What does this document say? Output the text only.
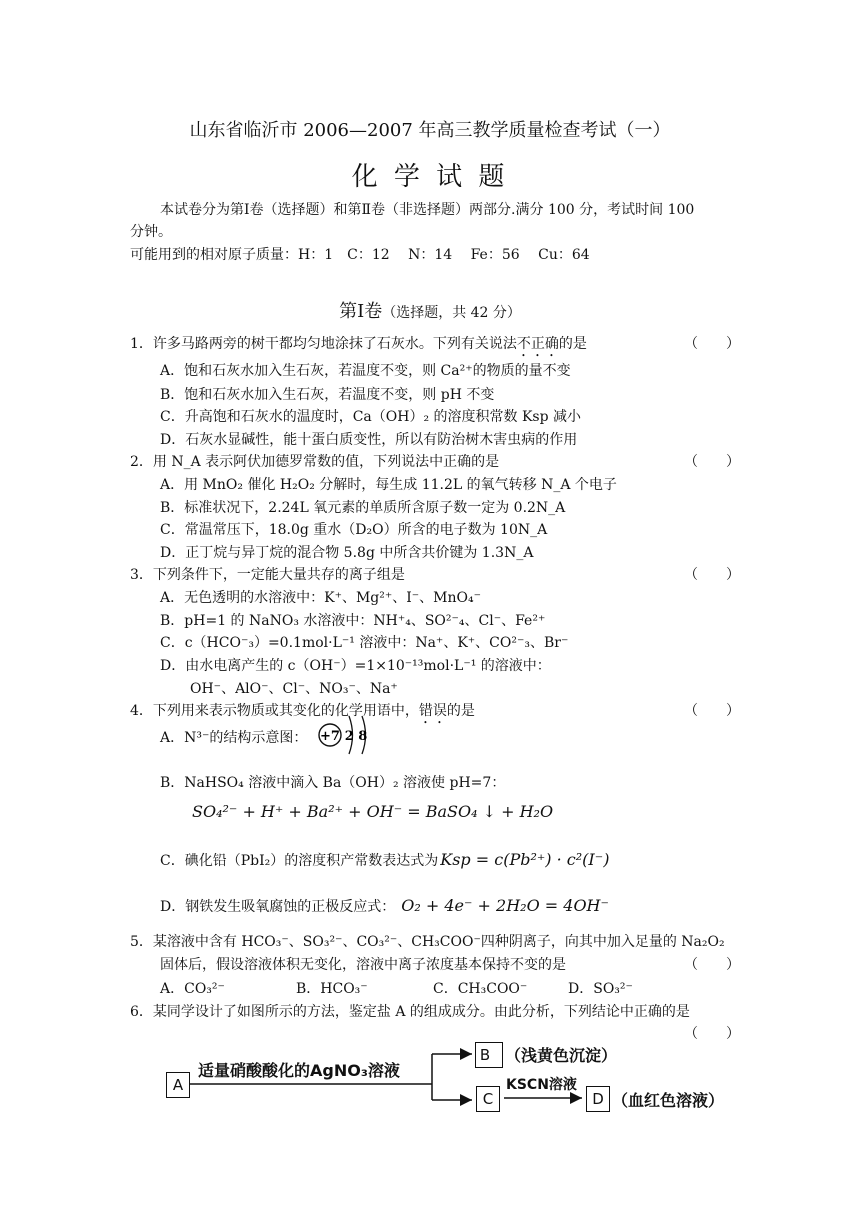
山东省临沂市 2006—2007 年高三教学质量检查考试（一）
化 学 试 题
本试卷分为第Ⅰ卷（选择题）和第Ⅱ卷（非选择题）两部分.满分 100 分，考试时间 100
分钟。
可能用到的相对原子质量：H：1　C：12　 N：14　 Fe：56　 Cu：64
第Ⅰ卷（选择题，共 42 分）
1．许多马路两旁的树干都均匀地涂抹了石灰水。下列有关说法不正确的是	（　　）
A．饱和石灰水加入生石灰，若温度不变，则 Ca²⁺的物质的量不变
B．饱和石灰水加入生石灰，若温度不变，则 pH 不变
C．升高饱和石灰水的温度时，Ca（OH）₂ 的溶度积常数 Ksp 减小
D．石灰水显碱性，能十蛋白质变性，所以有防治树木害虫病的作用
2．用 N_A 表示阿伏加德罗常数的值，下列说法中正确的是	（　　）
A．用 MnO₂ 催化 H₂O₂ 分解时，每生成 11.2L 的氧气转移 N_A 个电子
B．标准状况下，2.24L 氧元素的单质所含原子数一定为 0.2N_A
C．常温常压下，18.0g 重水（D₂O）所含的电子数为 10N_A
D．正丁烷与异丁烷的混合物 5.8g 中所含共价键为 1.3N_A
3．下列条件下，一定能大量共存的离子组是	（　　）
A．无色透明的水溶液中：K⁺、Mg²⁺、I⁻、MnO₄⁻
B．pH=1 的 NaNO₃ 水溶液中：NH⁺₄、SO²⁻₄、Cl⁻、Fe²⁺
C．c（HCO⁻₃）=0.1mol·L⁻¹ 溶液中：Na⁺、K⁺、CO²⁻₃、Br⁻
D．由水电离产生的 c（OH⁻）=1×10⁻¹³mol·L⁻¹ 的溶液中：
OH⁻、AlO⁻、Cl⁻、NO₃⁻、Na⁺
4．下列用来表示物质或其变化的化学用语中，错误的是	（　　）
A．N³⁻的结构示意图： +7 2 8
B．NaHSO₄ 溶液中滴入 Ba（OH）₂ 溶液使 pH=7：
SO₄²⁻ + H⁺ + Ba²⁺ + OH⁻ = BaSO₄ ↓ + H₂O
C．碘化铅（PbI₂）的溶度积产常数表达式为 Ksp = c(Pb²⁺) · c²(I⁻)
D．钢铁发生吸氧腐蚀的正极反应式： O₂ + 4e⁻ + 2H₂O = 4OH⁻
5．某溶液中含有 HCO₃⁻、SO₃²⁻、CO₃²⁻、CH₃COO⁻四种阴离子，向其中加入足量的 Na₂O₂
固体后，假设溶液体积无变化，溶液中离子浓度基本保持不变的是	（　　）
A．CO₃²⁻	B．HCO₃⁻	C．CH₃COO⁻	D．SO₃²⁻
6．某同学设计了如图所示的方法，鉴定盐 A 的组成成分。由此分析，下列结论中正确的是
（　　）
A
适量硝酸酸化的AgNO₃溶液
B （浅黄色沉淀）
C
KSCN溶液
D （血红色溶液）
